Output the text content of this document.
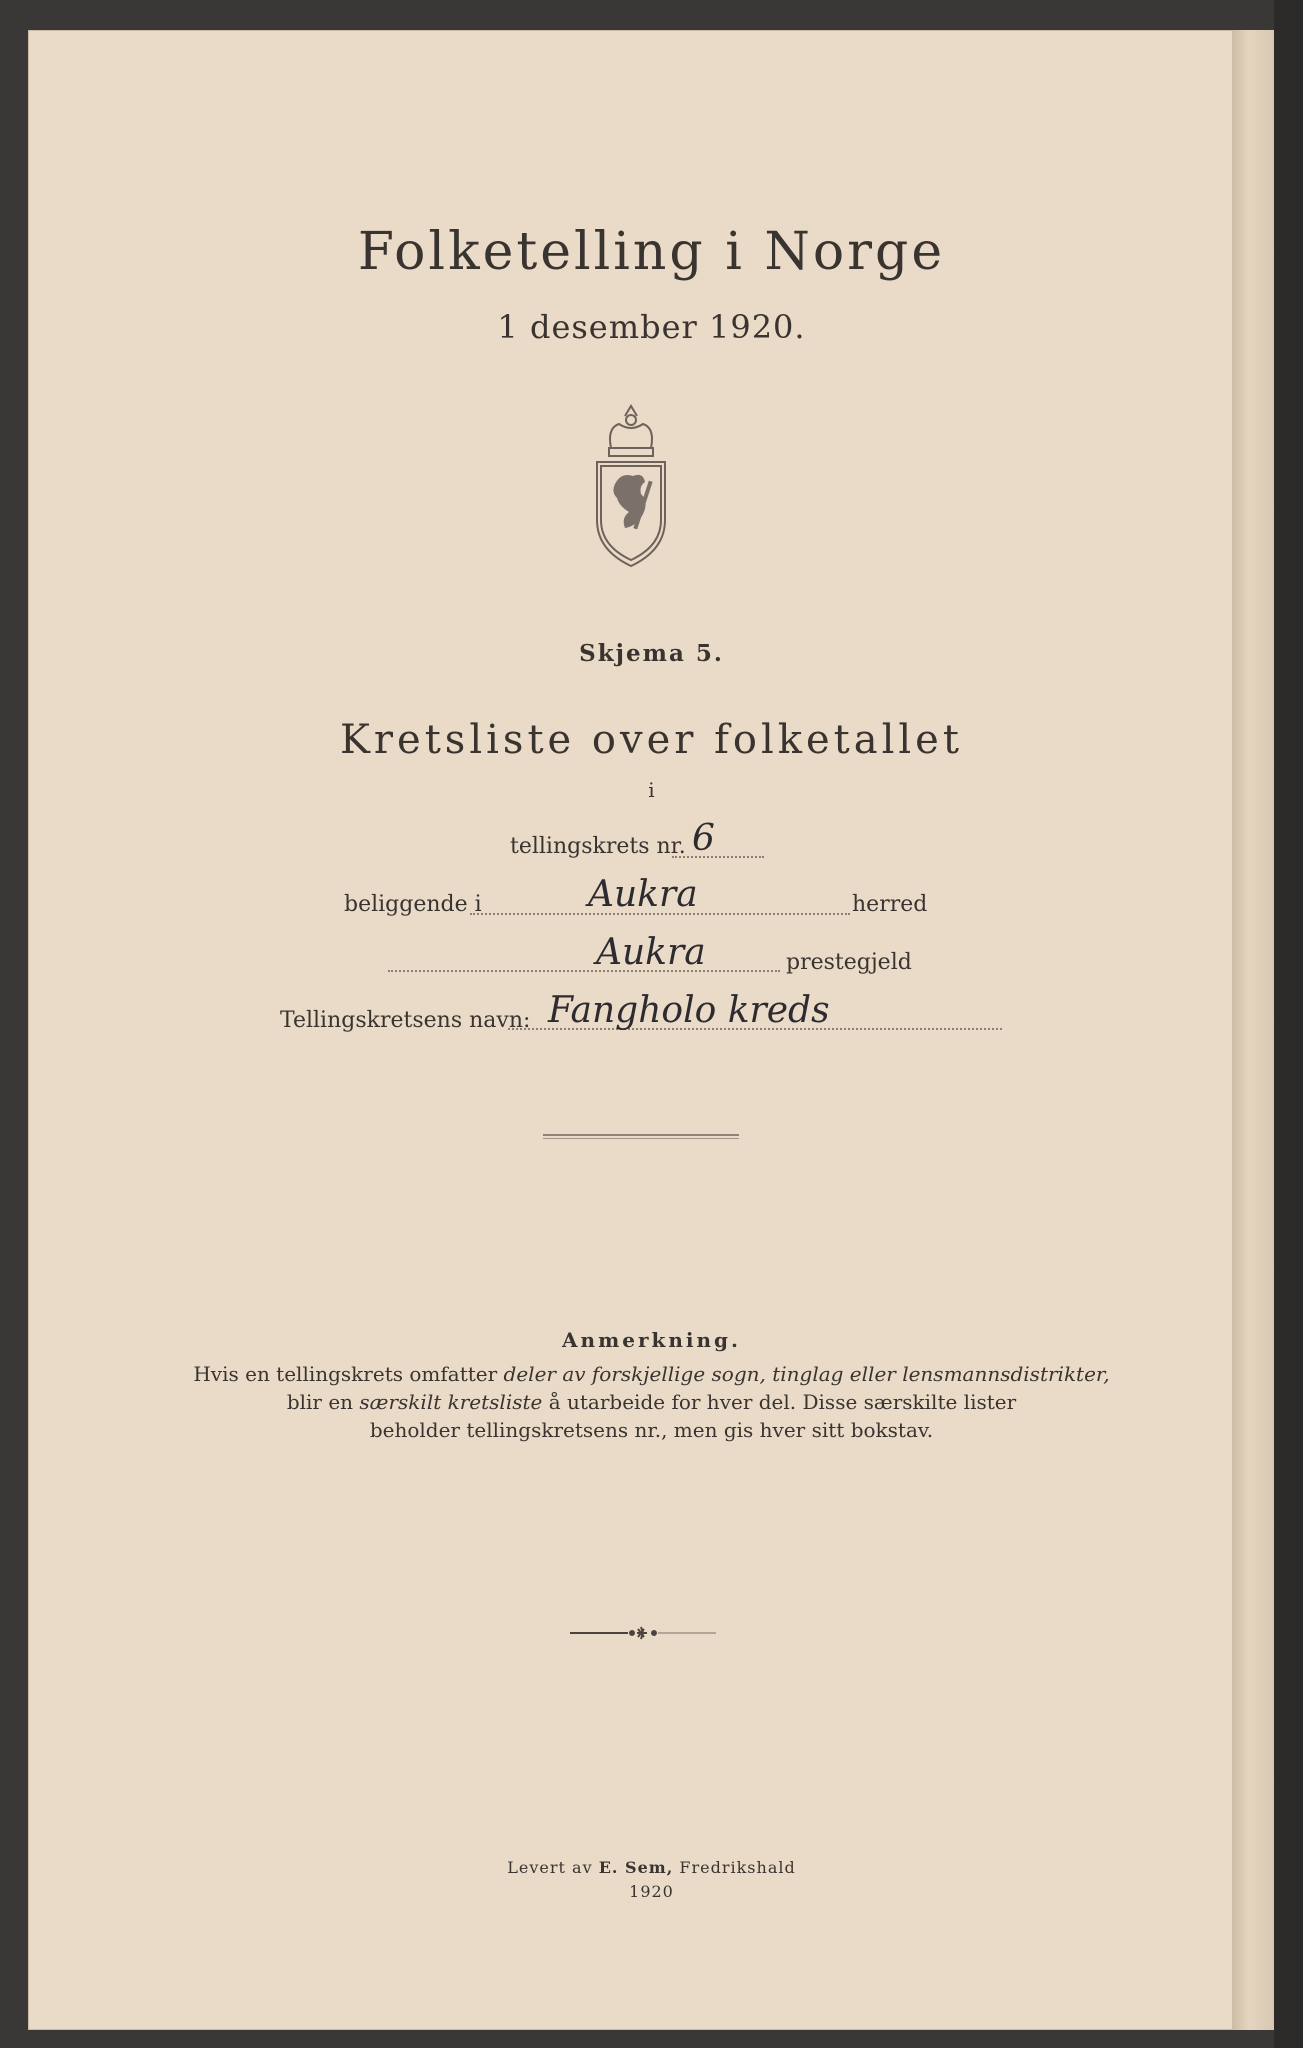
Folketelling i Norge
1 desember 1920.
Skjema 5.
Kretsliste over folketallet
i
tellingskrets nr. 6
beliggende i	Aukra	herred
Aukra	prestegjeld
Tellingskretsens navn: Fangholo kreds
Anmerkning.
Hvis en tellingskrets omfatter deler av forskjellige sogn, tinglag eller lensmannsdistrikter,
blir en særskilt kretsliste å utarbeide for hver del. Disse særskilte lister
beholder tellingskretsens nr., men gis hver sitt bokstav.
Levert av E. Sem, Fredrikshald
1920
